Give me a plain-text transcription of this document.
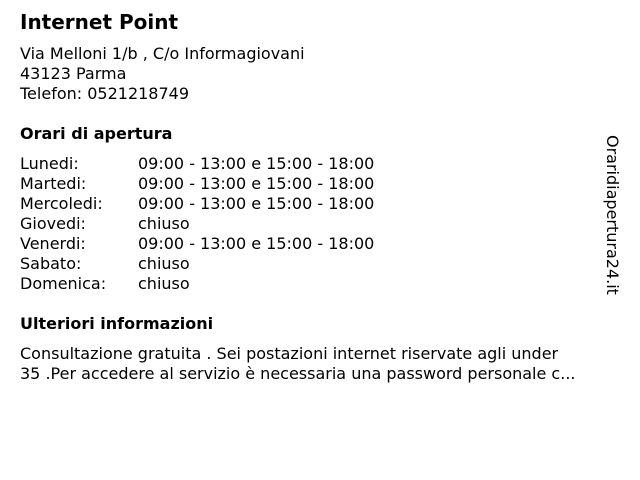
Internet Point
Via Melloni 1/b , C/o Informagiovani
43123 Parma
Telefon: 0521218749
Orari di apertura
Lunedi:	09:00 - 13:00 e 15:00 - 18:00
Martedi:	09:00 - 13:00 e 15:00 - 18:00
Mercoledi: 09:00 - 13:00 e 15:00 - 18:00
Giovedi:	chiuso
Venerdi:	09:00 - 13:00 e 15:00 - 18:00
Sabato:	chiuso
Domenica: chiuso
Ulteriori informazioni
Consultazione gratuita . Sei postazioni internet riservate agli under
35 .Per accedere al servizio è necessaria una password personale c...
Oraridiapertura24.it
